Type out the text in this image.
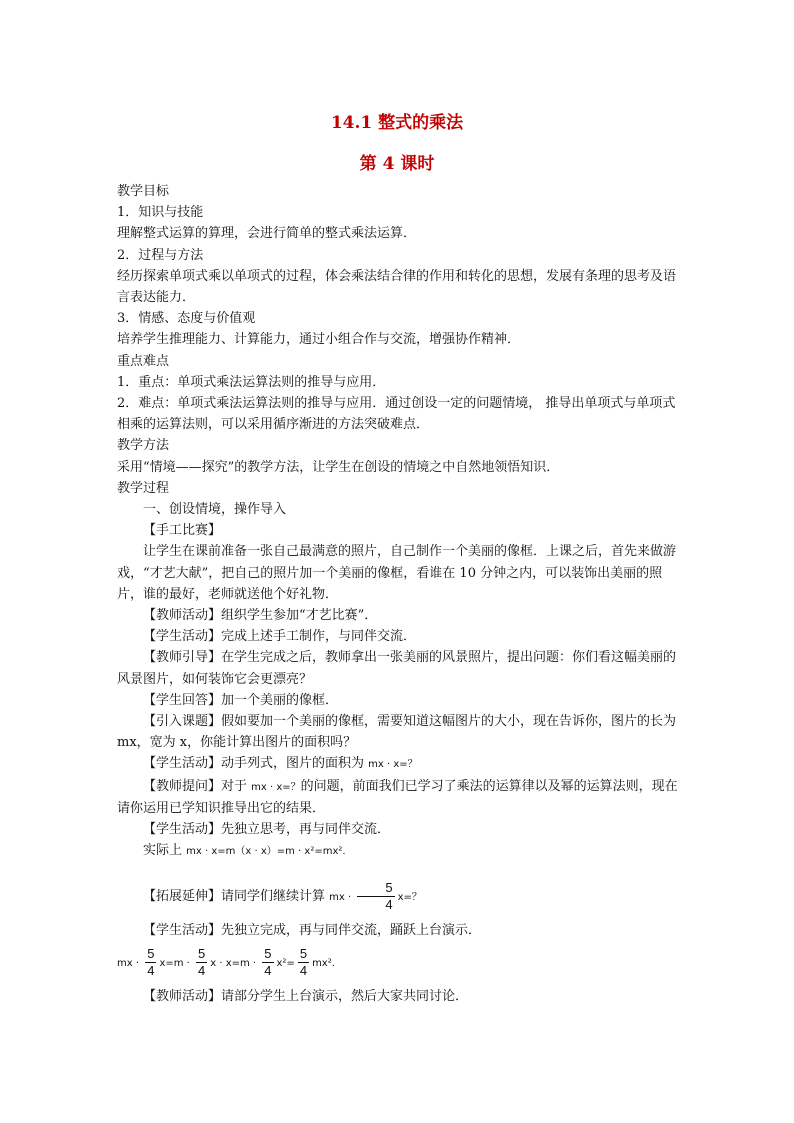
14.1 整式的乘法
第 4 课时

教学目标

1．知识与技能

理解整式运算的算理，会进行简单的整式乘法运算．

2．过程与方法

经历探索单项式乘以单项式的过程，体会乘法结合律的作用和转化的思想，发展有条理的思考及语言表达能力．

3．情感、态度与价值观

培养学生推理能力、计算能力，通过小组合作与交流，增强协作精神．

重点难点

1．重点：单项式乘法运算法则的推导与应用．

2．难点：单项式乘法运算法则的推导与应用．通过创设一定的问题情境， 推导出单项式与单项式相乘的运算法则，可以采用循序渐进的方法突破难点．

教学方法

采用“情境——探究”的教学方法，让学生在创设的情境之中自然地领悟知识．

教学过程

一、创设情境，操作导入

【手工比赛】

让学生在课前准备一张自己最满意的照片，自己制作一个美丽的像框．上课之后，首先来做游戏，“才艺大献”，把自己的照片加一个美丽的像框，看谁在 10 分钟之内，可以装饰出美丽的照片，谁的最好，老师就送他个好礼物．

【教师活动】组织学生参加“才艺比赛”．

【学生活动】完成上述手工制作，与同伴交流．

【教师引导】在学生完成之后，教师拿出一张美丽的风景照片，提出问题：你们看这幅美丽的风景图片，如何装饰它会更漂亮？

【学生回答】加一个美丽的像框．

【引入课题】假如要加一个美丽的像框，需要知道这幅图片的大小，现在告诉你，图片的长为 mx，宽为 x，你能计算出图片的面积吗？

【学生活动】动手列式，图片的面积为 mx · x=？

【教师提问】对于 mx · x=？的问题，前面我们已学习了乘法的运算律以及幂的运算法则，现在请你运用已学知识推导出它的结果．

【学生活动】先独立思考，再与同伴交流．

实际上 mx · x=m（x · x）=m · x²=mx².

【拓展延伸】请同学们继续计算 mx · $\frac{5}{4} x=$？

【学生活动】先独立完成，再与同伴交流，踊跃上台演示．

mx · $\frac{5}{4} x=m \cdot \frac{5}{4}$ $x \cdot x=m \cdot \frac{5}{4} x^2= \frac{5}{4} mx^2$.

【教师活动】请部分学生上台演示，然后大家共同讨论．
